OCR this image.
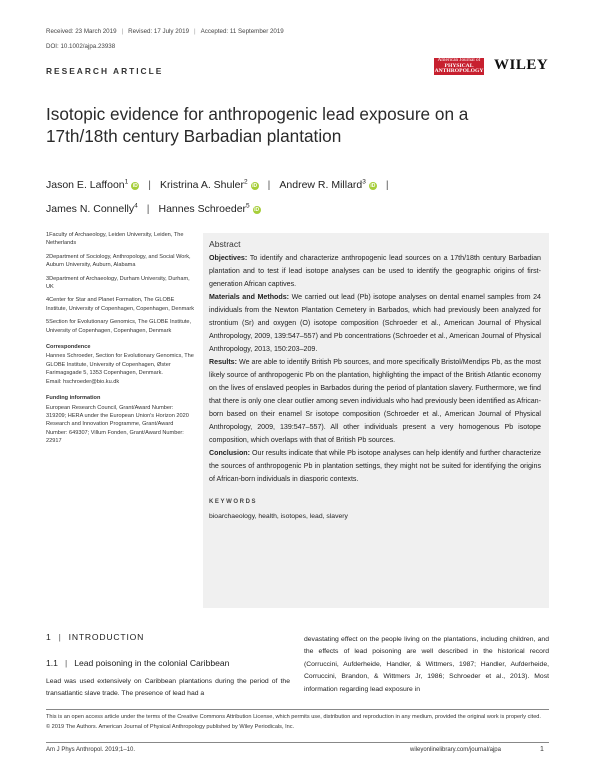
Received: 23 March 2019 | Revised: 17 July 2019 | Accepted: 11 September 2019
DOI: 10.1002/ajpa.23938
RESEARCH ARTICLE
American Journal of
PHYSICAL ANTHROPOLOGY WILEY
Isotopic evidence for anthropogenic lead exposure on a 17th/18th century Barbadian plantation
Jason E. Laffoon$^1$iD | Kristrina A. Shuler$^2$iD | Andrew R. Millard$^3$iD |
James N. Connelly$^4$ | Hannes Schroeder$^5$iD

1Faculty of Archaeology, Leiden University, Leiden, The Netherlands

2Department of Sociology, Anthropology, and Social Work, Auburn University, Auburn, Alabama

3Department of Archaeology, Durham University, Durham, UK

4Center for Star and Planet Formation, The GLOBE Institute, University of Copenhagen, Copenhagen, Denmark

5Section for Evolutionary Genomics, The GLOBE Institute, University of Copenhagen, Copenhagen, Denmark

Correspondence

Hannes Schroeder, Section for Evolutionary Genomics, The GLOBE Institute, University of Copenhagen, Øster Farimagsgade 5, 1353 Copenhagen, Denmark.

Email: hschroeder@bio.ku.dk

Funding information

European Research Council, Grant/Award Number: 319209; HERA under the European Union's Horizon 2020 Research and Innovation Programme, Grant/Award Number: 649307; Villum Fonden, Grant/Award Number: 22917

Abstract

Objectives: To identify and characterize anthropogenic lead sources on a 17th/18th century Barbadian plantation and to test if lead isotope analyses can be used to identify the geographic origins of first-generation African captives.

Materials and Methods: We carried out lead (Pb) isotope analyses on dental enamel samples from 24 individuals from the Newton Plantation Cemetery in Barbados, which had previously been analyzed for strontium (Sr) and oxygen (O) isotope composition (Schroeder et al., American Journal of Physical Anthropology, 2009, 139:547–557) and Pb concentrations (Schroeder et al., American Journal of Physical Anthropology, 2013, 150:203–209.

Results: We are able to identify British Pb sources, and more specifically Bristol/Mendips Pb, as the most likely source of anthropogenic Pb on the plantation, highlighting the impact of the British Atlantic economy on the lives of enslaved peoples in Barbados during the period of plantation slavery. Furthermore, we find that there is only one clear outlier among seven individuals who had previously been identified as African-born based on their enamel Sr isotope composition (Schroeder et al., American Journal of Physical Anthropology, 2009, 139:547–557). All other individuals present a very homogenous Pb isotope composition, which overlaps with that of British Pb sources.

Conclusion: Our results indicate that while Pb isotope analyses can help identify and further characterize the sources of anthropogenic Pb in plantation settings, they might not be suited for identifying the origins of African-born individuals in diasporic contexts.

KEYWORDS

bioarchaeology, health, isotopes, lead, slavery

1 | INTRODUCTION
1.1 | Lead poisoning in the colonial Caribbean
Lead was used extensively on Caribbean plantations during the period of the transatlantic slave trade. The presence of lead had a
devastating effect on the people living on the plantations, including children, and the effects of lead poisoning are well described in the historical record (Corruccini, Aufderheide, Handler, & Wittmers, 1987; Handler, Aufderheide, Corruccini, Brandon, & Wittmers Jr, 1986; Schroeder et al., 2013). Most information regarding lead exposure in
This is an open access article under the terms of the Creative Commons Attribution License, which permits use, distribution and reproduction in any medium, provided the original work is properly cited.
© 2019 The Authors. American Journal of Physical Anthropology published by Wiley Periodicals, Inc.
Am J Phys Anthropol. 2019;1–10.	wileyonlinelibrary.com/journal/ajpa	1
